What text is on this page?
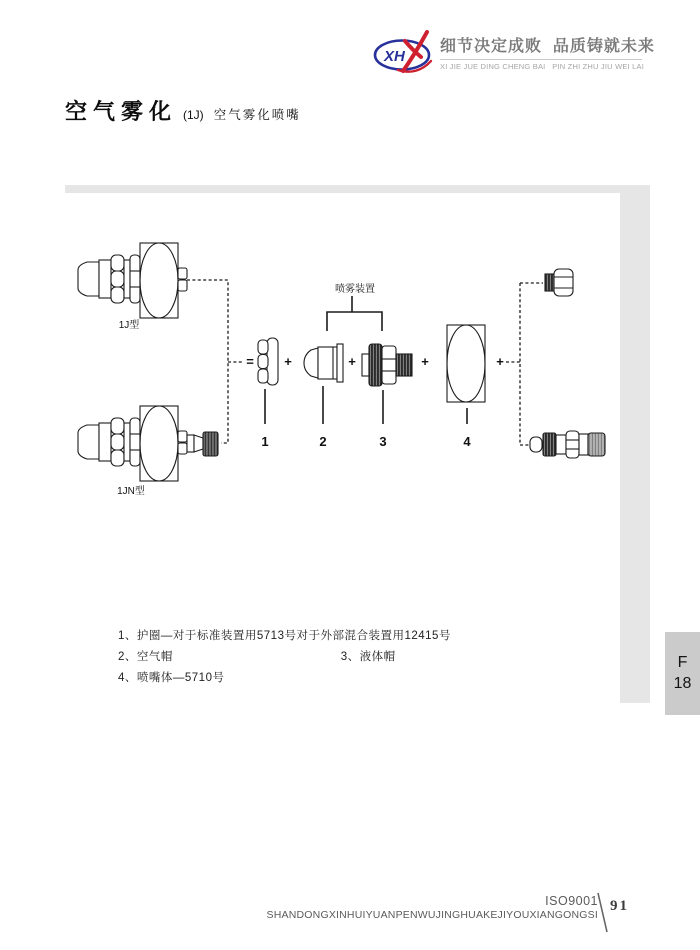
XH
细节决定成败  品质铸就未来
XI JIE JUE DING CHENG BAI   PIN ZHI ZHU JIU WEI LAI
空气雾化 (1J) 空气雾化喷嘴
1J型
1JN型
= +	+	+	+
喷雾装置
1	2	3	4
1、护圈—对于标准装置用5713号对于外部混合装置用12415号
2、空气帽	3、液体帽
4、喷嘴体—5710号
F
18
ISO9001
SHANDONGXINHUIYUANPENWUJINGHUAKEJIYOUXIANGONGSI
91
